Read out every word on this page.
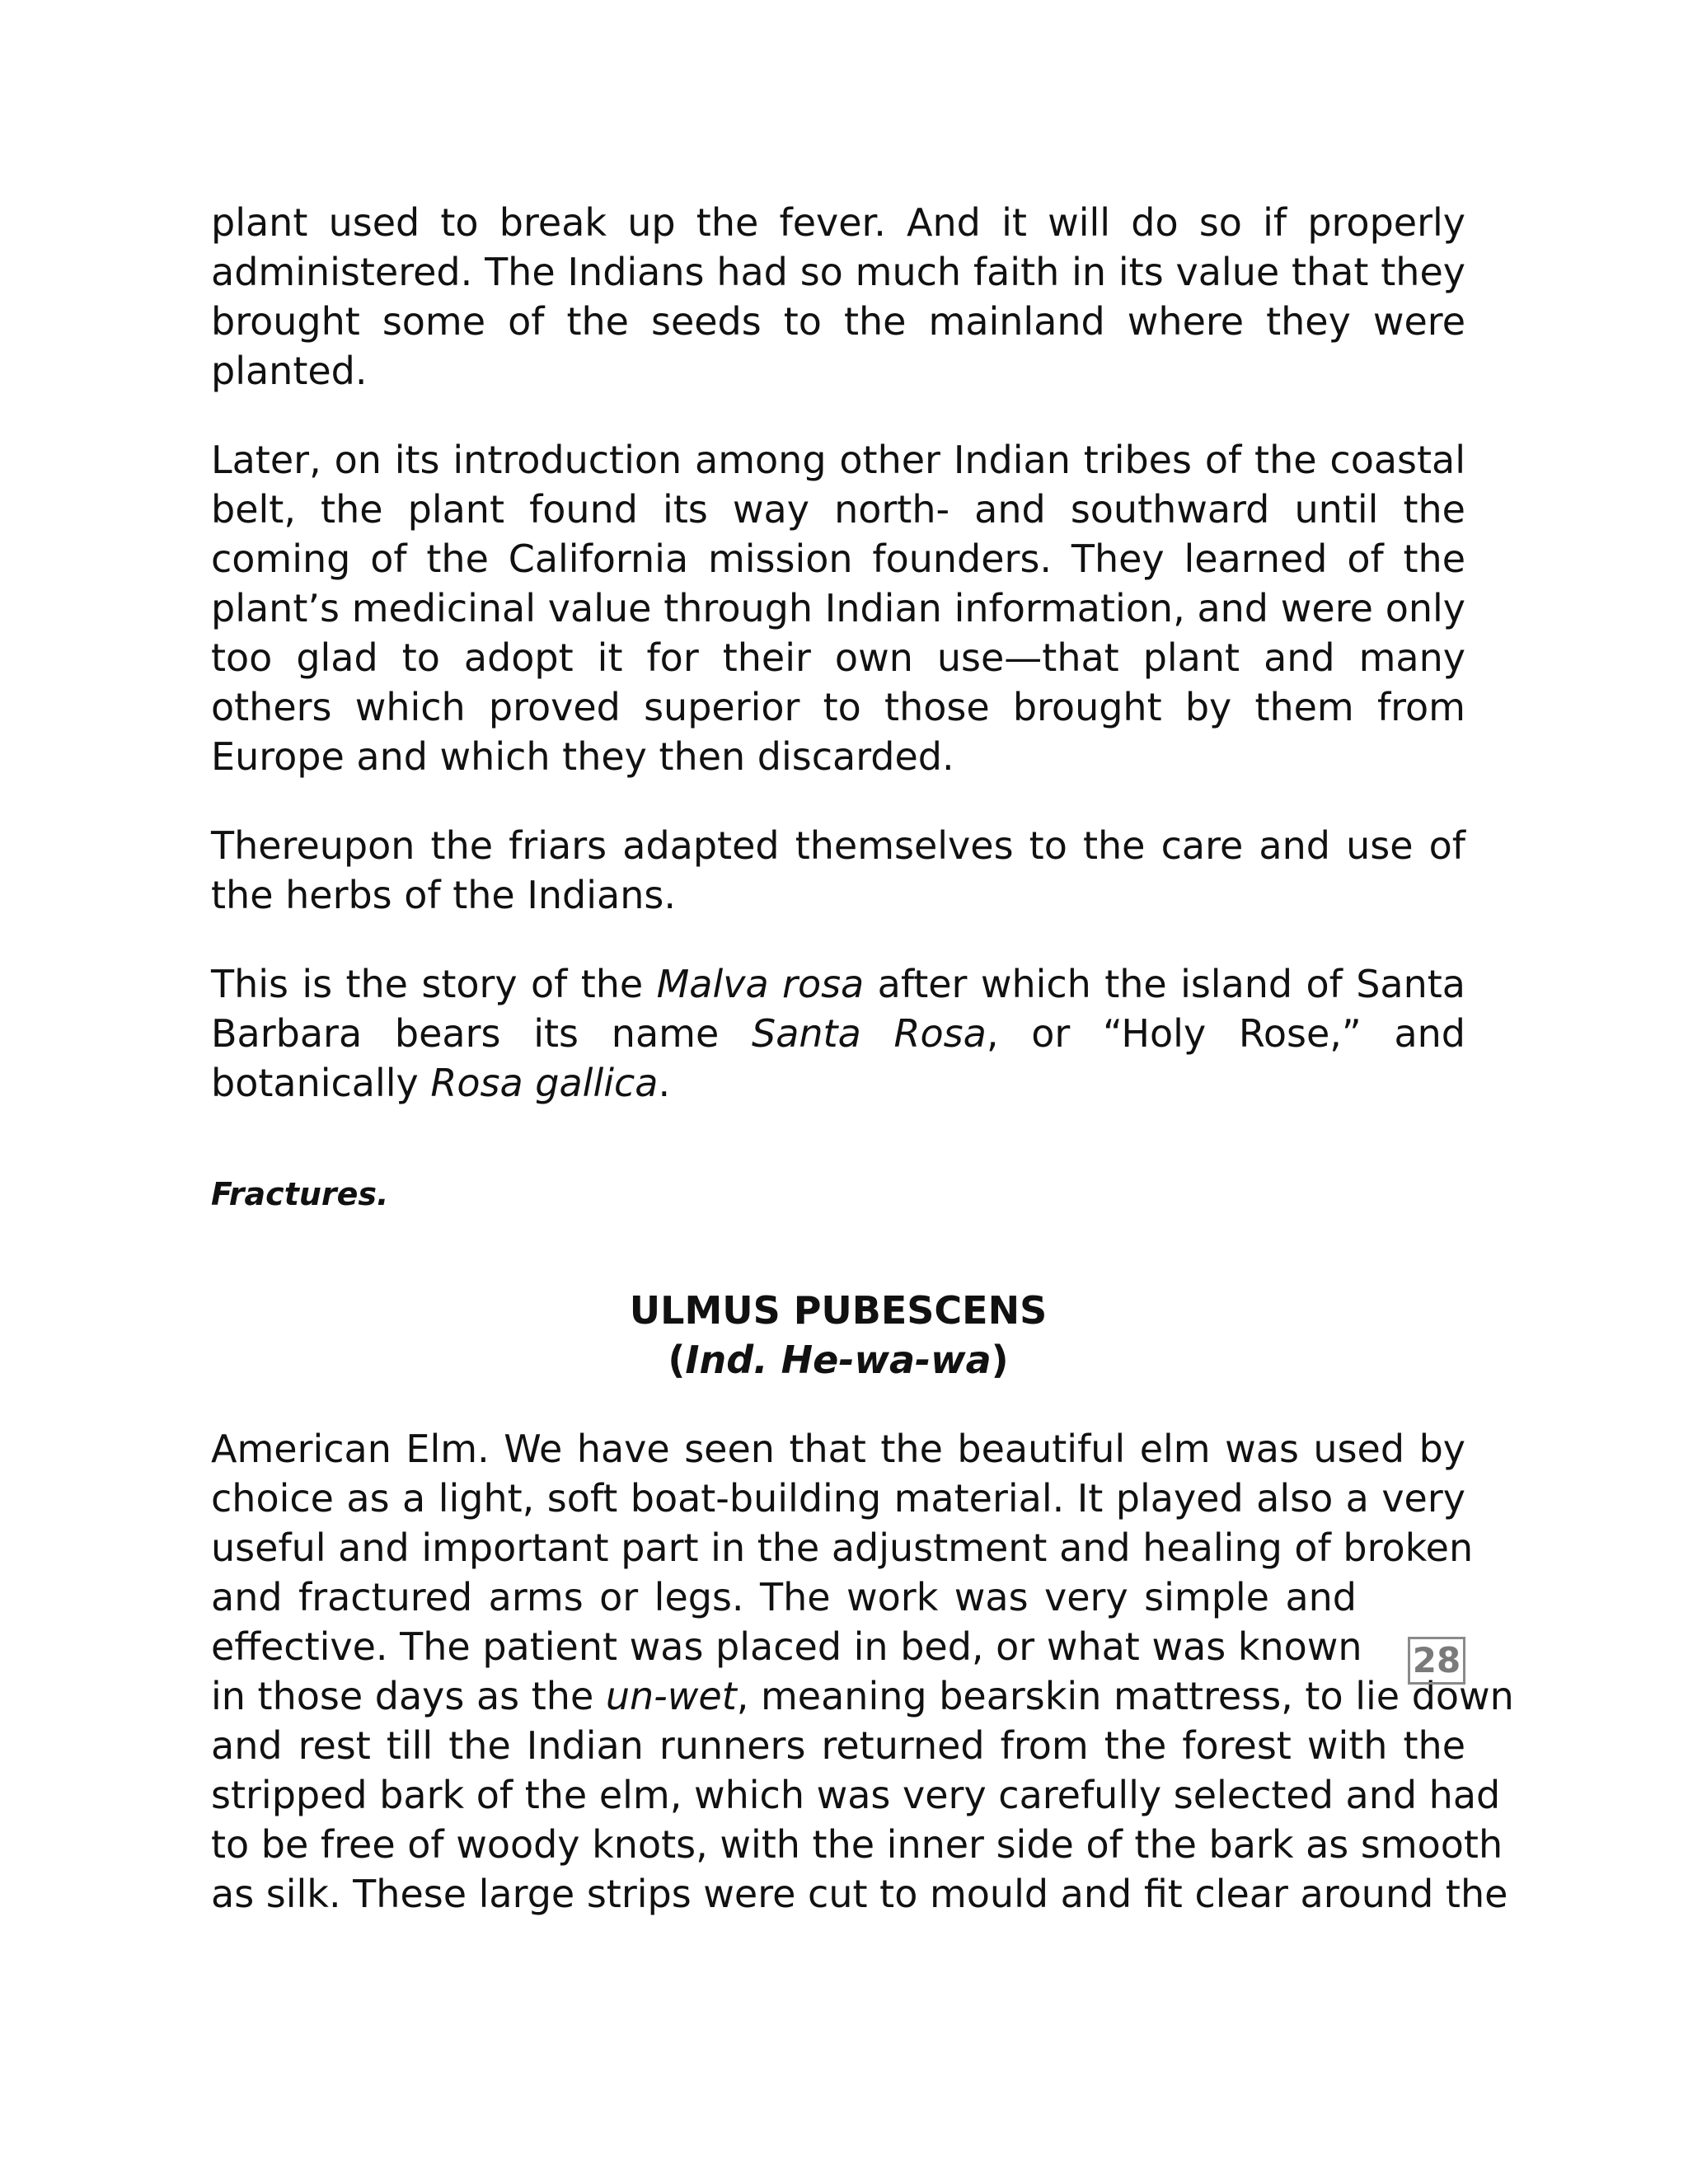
plant used to break up the fever. And it will do so if properly administered. The Indians had so much faith in its value that they brought some of the seeds to the mainland where they were planted.

Later, on its introduction among other Indian tribes of the coastal belt, the plant found its way north- and southward until the coming of the California mission founders. They learned of the plant’s medicinal value through Indian information, and were only too glad to adopt it for their own use—that plant and many others which proved superior to those brought by them from Europe and which they then discarded.

Thereupon the friars adapted themselves to the care and use of the herbs of the Indians.

This is the story of the Malva rosa after which the island of Santa Barbara bears its name Santa Rosa, or “Holy Rose,” and botanically Rosa gallica.

Fractures.
ULMUS PUBESCENS
(Ind. He-wa-wa)
American Elm. We have seen that the beautiful elm was used by
choice as a light, soft boat-building material. It played also a very
useful and important part in the adjustment and healing of broken
and fractured arms or legs. The work was very simple and
effective. The patient was placed in bed, or what was known
in those days as the un-wet, meaning bearskin mattress, to lie down
and rest till the Indian runners returned from the forest with the
stripped bark of the elm, which was very carefully selected and had
to be free of woody knots, with the inner side of the bark as smooth
as silk. These large strips were cut to mould and fit clear around the
28
